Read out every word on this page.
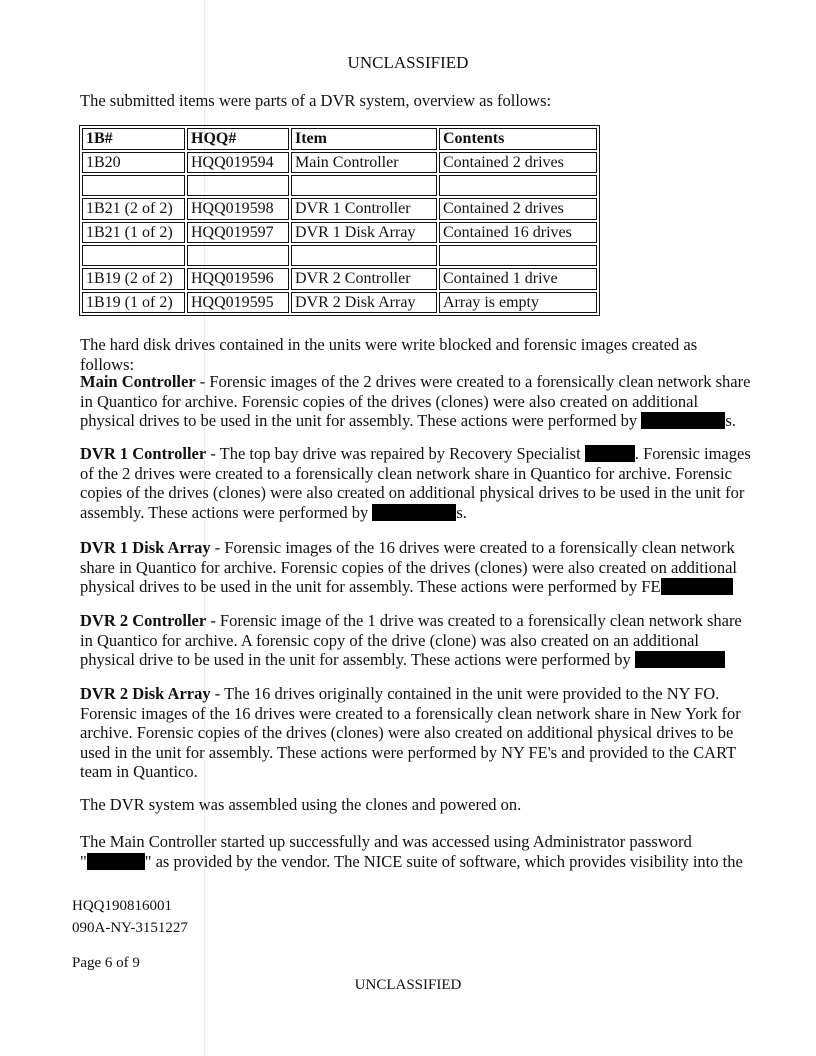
UNCLASSIFIED
The submitted items were parts of a DVR system, overview as follows:
1B#	HQQ#	Item	Contents
1B20	HQQ019594	Main Controller	Contained 2 drives

1B21 (2 of 2)	HQQ019598	DVR 1 Controller	Contained 2 drives
1B21 (1 of 2)	HQQ019597	DVR 1 Disk Array	Contained 16 drives

1B19 (2 of 2)	HQQ019596	DVR 2 Controller	Contained 1 drive
1B19 (1 of 2)	HQQ019595	DVR 2 Disk Array	Array is empty
The hard disk drives contained in the units were write blocked and forensic images created as follows:
Main Controller - Forensic images of the 2 drives were created to a forensically clean network share in Quantico for archive. Forensic copies of the drives (clones) were also created on additional physical drives to be used in the unit for assembly. These actions were performed by	s.
DVR 1 Controller - The top bay drive was repaired by Recovery Specialist	. Forensic images of the 2 drives were created to a forensically clean network share in Quantico for archive. Forensic copies of the drives (clones) were also created on additional physical drives to be used in the unit for assembly. These actions were performed by	s.
DVR 1 Disk Array - Forensic images of the 16 drives were created to a forensically clean network share in Quantico for archive. Forensic copies of the drives (clones) were also created on additional physical drives to be used in the unit for assembly. These actions were performed by FE
DVR 2 Controller - Forensic image of the 1 drive was created to a forensically clean network share in Quantico for archive. A forensic copy of the drive (clone) was also created on an additional physical drive to be used in the unit for assembly. These actions were performed by
DVR 2 Disk Array - The 16 drives originally contained in the unit were provided to the NY FO. Forensic images of the 16 drives were created to a forensically clean network share in New York for archive. Forensic copies of the drives (clones) were also created on additional physical drives to be used in the unit for assembly. These actions were performed by NY FE's and provided to the CART team in Quantico.
The DVR system was assembled using the clones and powered on.
The Main Controller started up successfully and was accessed using Administrator password
"	" as provided by the vendor. The NICE suite of software, which provides visibility into the
HQQ190816001
090A-NY-3151227
Page 6 of 9
UNCLASSIFIED
